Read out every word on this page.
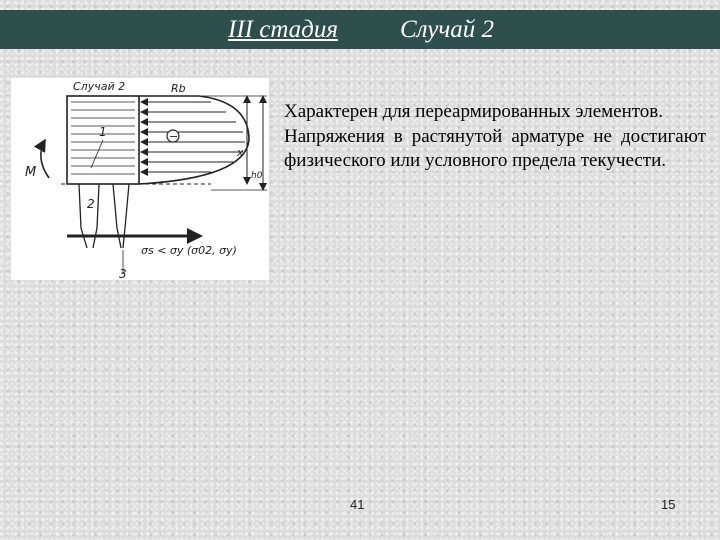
III стадия Случай 2
−
Случай 2	Rb
x
h0
M
1
2
3
σs < σy (σ02, σy)

Характерен для переармированных элементов.

Напряжения в растянутой арматуре не достигают физического или условного предела текучести.

41	15
